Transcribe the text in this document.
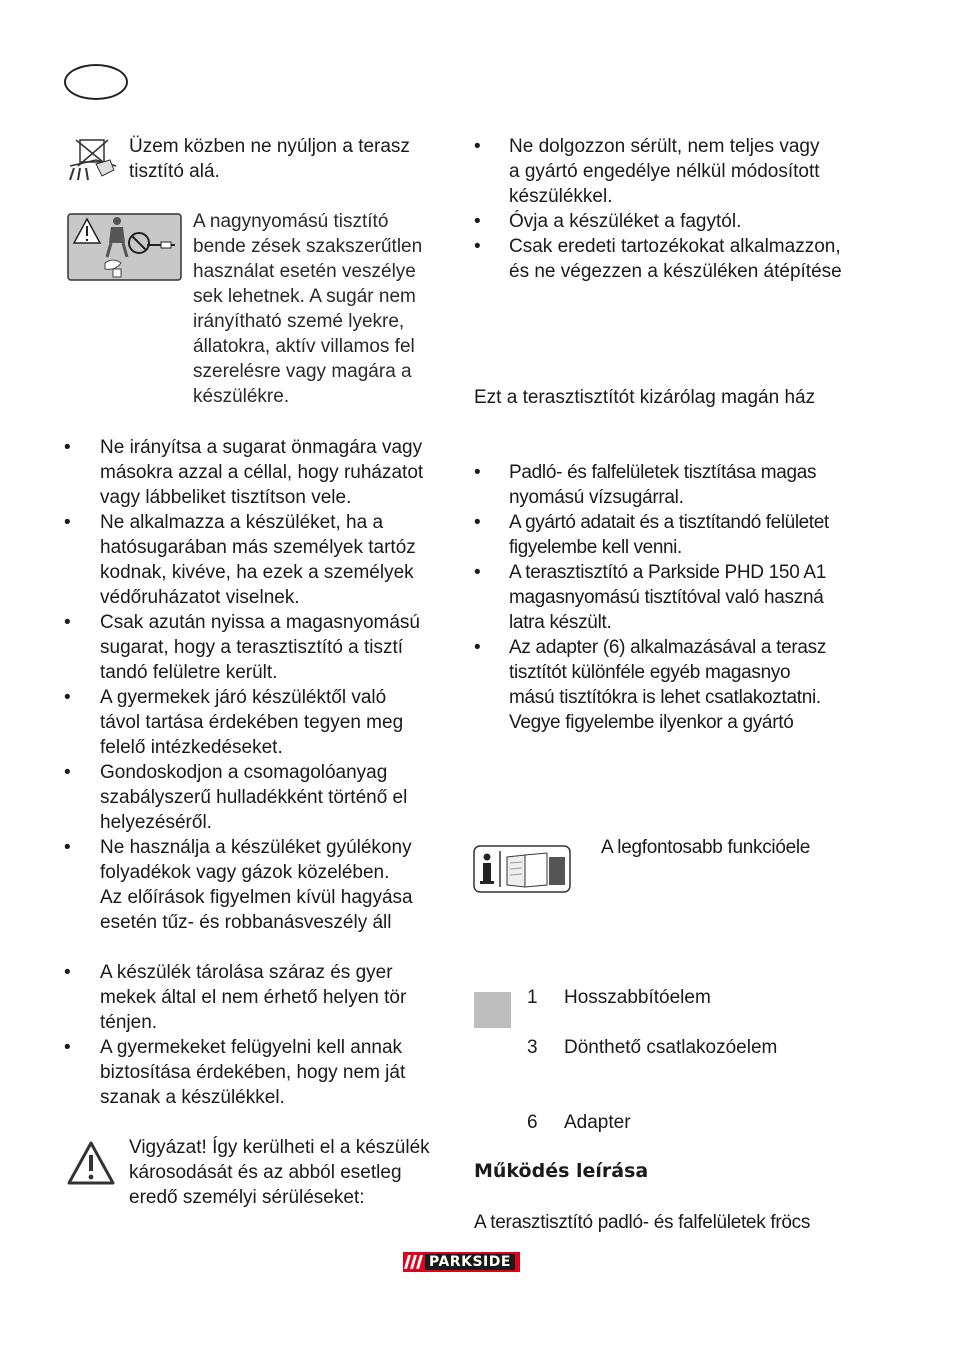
Üzem közben ne nyúljon a terasz
tisztító alá.
A nagynyomású tisztító
bende zések szakszerűtlen
használat esetén veszélye
sek lehetnek. A sugár nem
irányítható szemé lyekre,
állatokra, aktív villamos fel
szerelésre vagy magára a
készülékre.
• Ne irányítsa a sugarat önmagára vagy
másokra azzal a céllal, hogy ruházatot
vagy lábbeliket tisztítson vele.
• Ne alkalmazza a készüléket, ha a
hatósugarában más személyek tartóz
kodnak, kivéve, ha ezek a személyek
védőruházatot viselnek.
• Csak azután nyissa a magasnyomású
sugarat, hogy a terasztisztító a tisztí
tandó felületre került.
• A gyermekek járó készüléktől való
távol tartása érdekében tegyen meg
felelő intézkedéseket.
• Gondoskodjon a csomagolóanyag
szabályszerű hulladékként történő el
helyezéséről.
• Ne használja a készüléket gyúlékony
folyadékok vagy gázok közelében.
Az előírások figyelmen kívül hagyása
esetén tűz- és robbanásveszély áll
• A készülék tárolása száraz és gyer
mekek által el nem érhető helyen tör
ténjen.
• A gyermekeket felügyelni kell annak
biztosítása érdekében, hogy nem ját
szanak a készülékkel.
Vigyázat! Így kerülheti el a készülék
károsodását és az abból esetleg
eredő személyi sérüléseket:
• Ne dolgozzon sérült, nem teljes vagy
a gyártó engedélye nélkül módosított
készülékkel.
• Óvja a készüléket a fagytól.
• Csak eredeti tartozékokat alkalmazzon,
és ne végezzen a készüléken átépítése
Ezt a terasztisztítót kizárólag magán ház
• Padló- és falfelületek tisztítása magas
nyomású vízsugárral.
• A gyártó adatait és a tisztítandó felületet
figyelembe kell venni.
• A terasztisztító a Parkside PHD 150 A1
magasnyomású tisztítóval való haszná
latra készült.
• Az adapter (6) alkalmazásával a terasz
tisztítót különféle egyéb magasnyo
mású tisztítókra is lehet csatlakoztatni.
Vegye figyelembe ilyenkor a gyártó
A legfontosabb funkcióele
1 Hosszabbítóelem
3 Dönthető csatlakozóelem
6 Adapter
Működés leírása
A terasztisztító padló- és falfelületek fröcs
PARKSIDE
